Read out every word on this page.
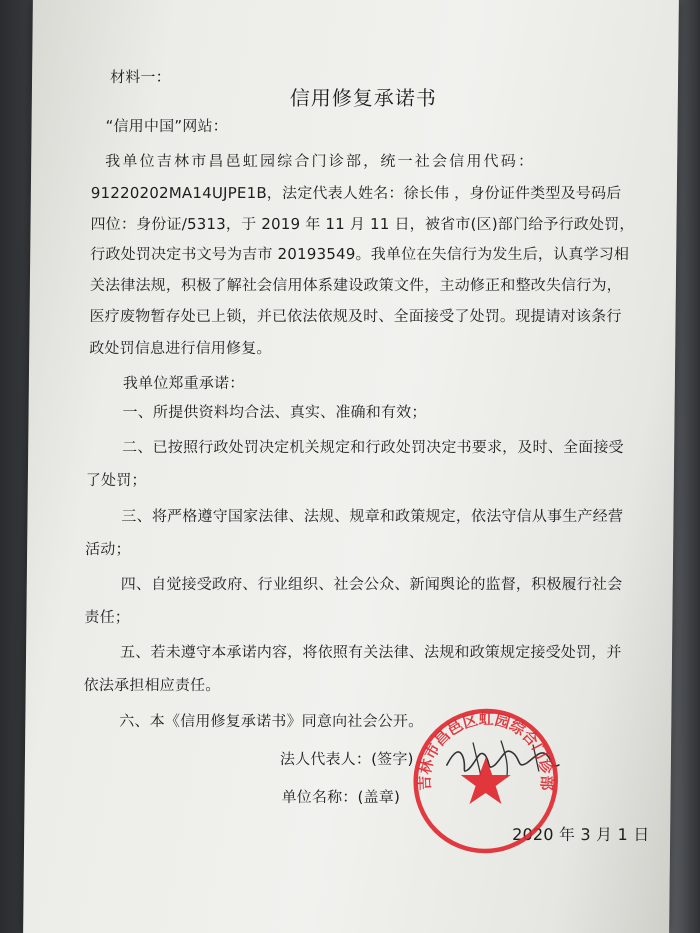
材料一：
信用修复承诺书
“信用中国”网站：
我单位吉林市昌邑虹园综合门诊部，统一社会信用代码：
91220202MA14UJPE1B，法定代表人姓名：徐长伟 ，身份证件类型及号码后
四位：身份证/5313，于 2019 年 11 月 11 日，被省市(区)部门给予行政处罚，
行政处罚决定书文号为吉市 20193549。我单位在失信行为发生后，认真学习相
关法律法规，积极了解社会信用体系建设政策文件，主动修正和整改失信行为，
医疗废物暂存处已上锁，并已依法依规及时、全面接受了处罚。现提请对该条行
政处罚信息进行信用修复。
我单位郑重承诺：
一、所提供资料均合法、真实、准确和有效；
二、已按照行政处罚决定机关规定和行政处罚决定书要求，及时、全面接受
了处罚；
三、将严格遵守国家法律、法规、规章和政策规定，依法守信从事生产经营
活动；
四、自觉接受政府、行业组织、社会公众、新闻舆论的监督，积极履行社会
责任；
五、若未遵守本承诺内容，将依照有关法律、法规和政策规定接受处罚，并
依法承担相应责任。
六、本《信用修复承诺书》同意向社会公开。
法人代表人：(签字)
单位名称：(盖章)
2020 年 3 月 1 日
吉林市昌邑区虹园综合门诊部
